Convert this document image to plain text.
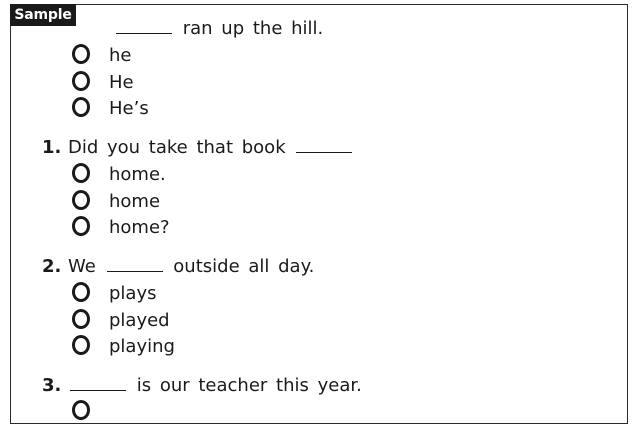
Sample
ran up the hill.
he
He
He’s
1. Did you take that book
home.
home
home?
2. We	outside all day.
plays
played
playing
3.	is our teacher this year.
